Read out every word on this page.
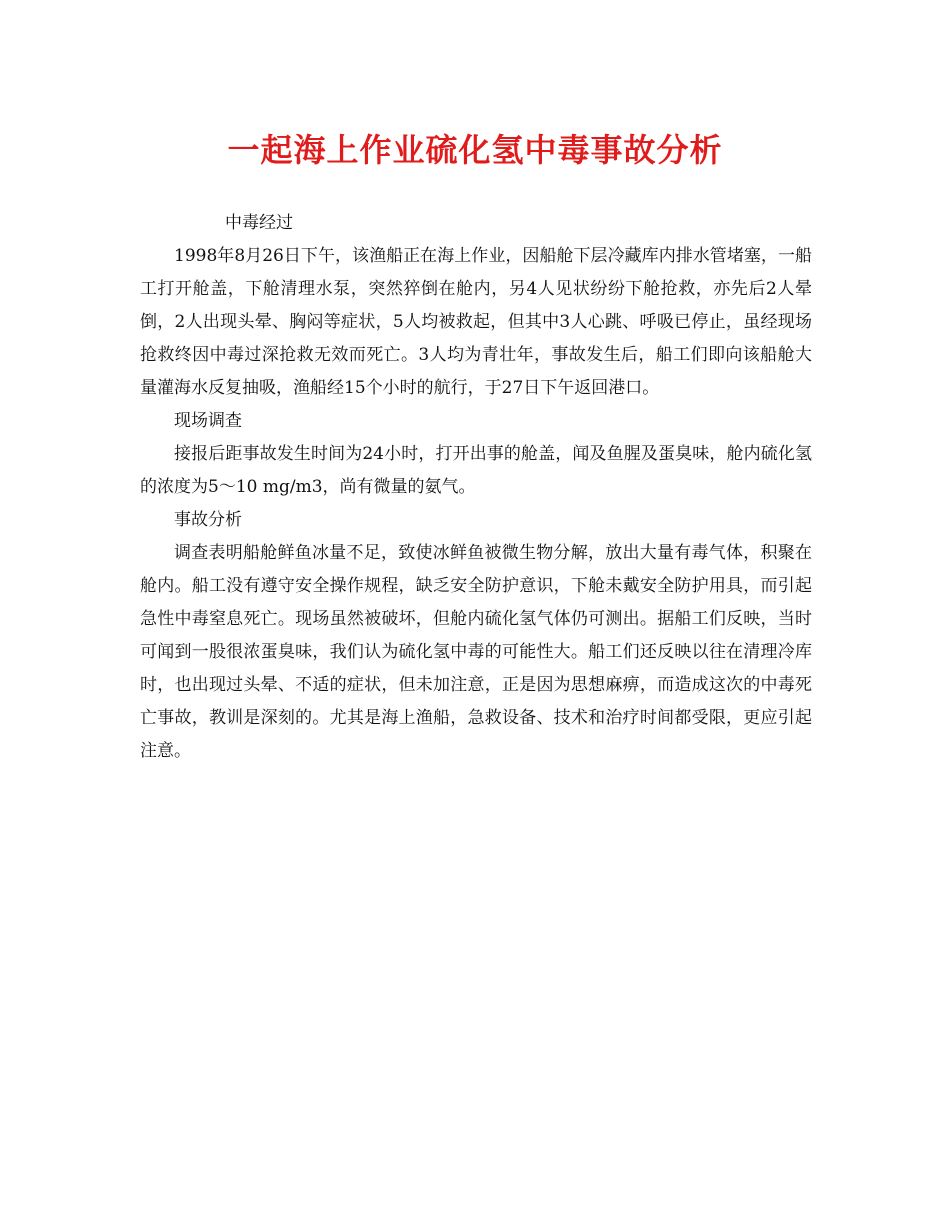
一起海上作业硫化氢中毒事故分析

中毒经过

1998年8月26日下午，该渔船正在海上作业，因船舱下层冷藏库内排水管堵塞，一船工打开舱盖，下舱清理水泵，突然猝倒在舱内，另4人见状纷纷下舱抢救，亦先后2人晕倒，2人出现头晕、胸闷等症状，5人均被救起，但其中3人心跳、呼吸已停止，虽经现场抢救终因中毒过深抢救无效而死亡。3人均为青壮年，事故发生后，船工们即向该船舱大量灌海水反复抽吸，渔船经15个小时的航行，于27日下午返回港口。

现场调查

接报后距事故发生时间为24小时，打开出事的舱盖，闻及鱼腥及蛋臭味，舱内硫化氢的浓度为5～10 mg/m3，尚有微量的氨气。

事故分析

调查表明船舱鲜鱼冰量不足，致使冰鲜鱼被微生物分解，放出大量有毒气体，积聚在舱内。船工没有遵守安全操作规程，缺乏安全防护意识，下舱未戴安全防护用具，而引起急性中毒窒息死亡。现场虽然被破坏，但舱内硫化氢气体仍可测出。据船工们反映，当时可闻到一股很浓蛋臭味，我们认为硫化氢中毒的可能性大。船工们还反映以往在清理冷库时，也出现过头晕、不适的症状，但未加注意，正是因为思想麻痹，而造成这次的中毒死亡事故，教训是深刻的。尤其是海上渔船，急救设备、技术和治疗时间都受限，更应引起注意。
